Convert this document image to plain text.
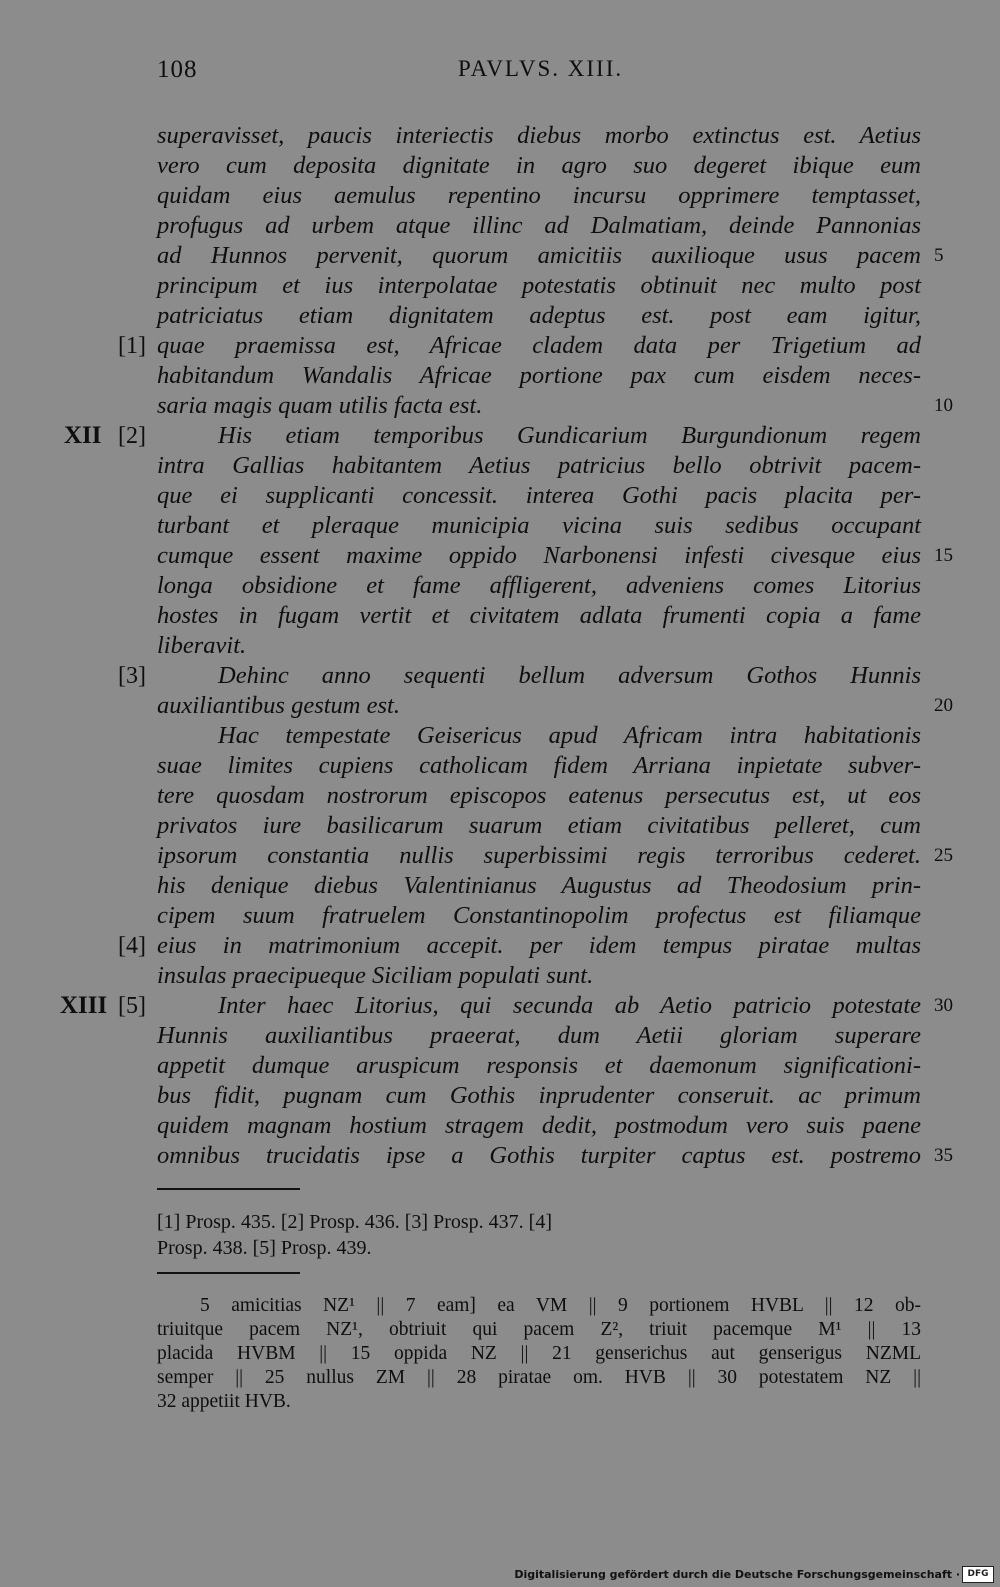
108	PAVLVS. XIII.
superavisset, paucis interiectis diebus morbo extinctus est. Aetius
vero cum deposita dignitate in agro suo degeret ibique eum
quidam eius aemulus repentino incursu opprimere temptasset,
profugus ad urbem atque illinc ad Dalmatiam, deinde Pannonias
ad Hunnos pervenit, quorum amicitiis auxilioque usus pacem
principum et ius interpolatae potestatis obtinuit nec multo post
patriciatus etiam dignitatem adeptus est. post eam igitur,
quae praemissa est, Africae cladem data per Trigetium ad
habitandum Wandalis Africae portione pax cum eisdem neces-
saria magis quam utilis facta est.
His etiam temporibus Gundicarium Burgundionum regem
intra Gallias habitantem Aetius patricius bello obtrivit pacem-
que ei supplicanti concessit. interea Gothi pacis placita per-
turbant et pleraque municipia vicina suis sedibus occupant
cumque essent maxime oppido Narbonensi infesti civesque eius
longa obsidione et fame affligerent, adveniens comes Litorius
hostes in fugam vertit et civitatem adlata frumenti copia a fame
liberavit.
Dehinc anno sequenti bellum adversum Gothos Hunnis
auxiliantibus gestum est.
Hac tempestate Geisericus apud Africam intra habitationis
suae limites cupiens catholicam fidem Arriana inpietate subver-
tere quosdam nostrorum episcopos eatenus persecutus est, ut eos
privatos iure basilicarum suarum etiam civitatibus pelleret, cum
ipsorum constantia nullis superbissimi regis terroribus cederet.
his denique diebus Valentinianus Augustus ad Theodosium prin-
cipem suum fratruelem Constantinopolim profectus est filiamque
eius in matrimonium accepit. per idem tempus piratae multas
insulas praecipueque Siciliam populati sunt.
Inter haec Litorius, qui secunda ab Aetio patricio potestate
Hunnis auxiliantibus praeerat, dum Aetii gloriam superare
appetit dumque aruspicum responsis et daemonum significationi-
bus fidit, pugnam cum Gothis inprudenter conseruit. ac primum
quidem magnam hostium stragem dedit, postmodum vero suis paene
omnibus trucidatis ipse a Gothis turpiter captus est. postremo
5
10
15
20
25
30
35
[1]
[2]
[3]
[4]
[5]
XII
XIII
[1] Prosp. 435. [2] Prosp. 436. [3] Prosp. 437. [4]
Prosp. 438. [5] Prosp. 439.
5 amicitias NZ¹ || 7 eam] ea VM || 9 portionem HVBL || 12 ob-
triuitque pacem NZ¹, obtriuit qui pacem Z², triuit pacemque M¹ || 13
placida HVBM || 15 oppida NZ || 21 genserichus aut genserigus NZML
semper || 25 nullus ZM || 28 piratae om. HVB || 30 potestatem NZ ||
32 appetiit HVB.
Digitalisierung gefördert durch die Deutsche Forschungsgemeinschaft · DFG
